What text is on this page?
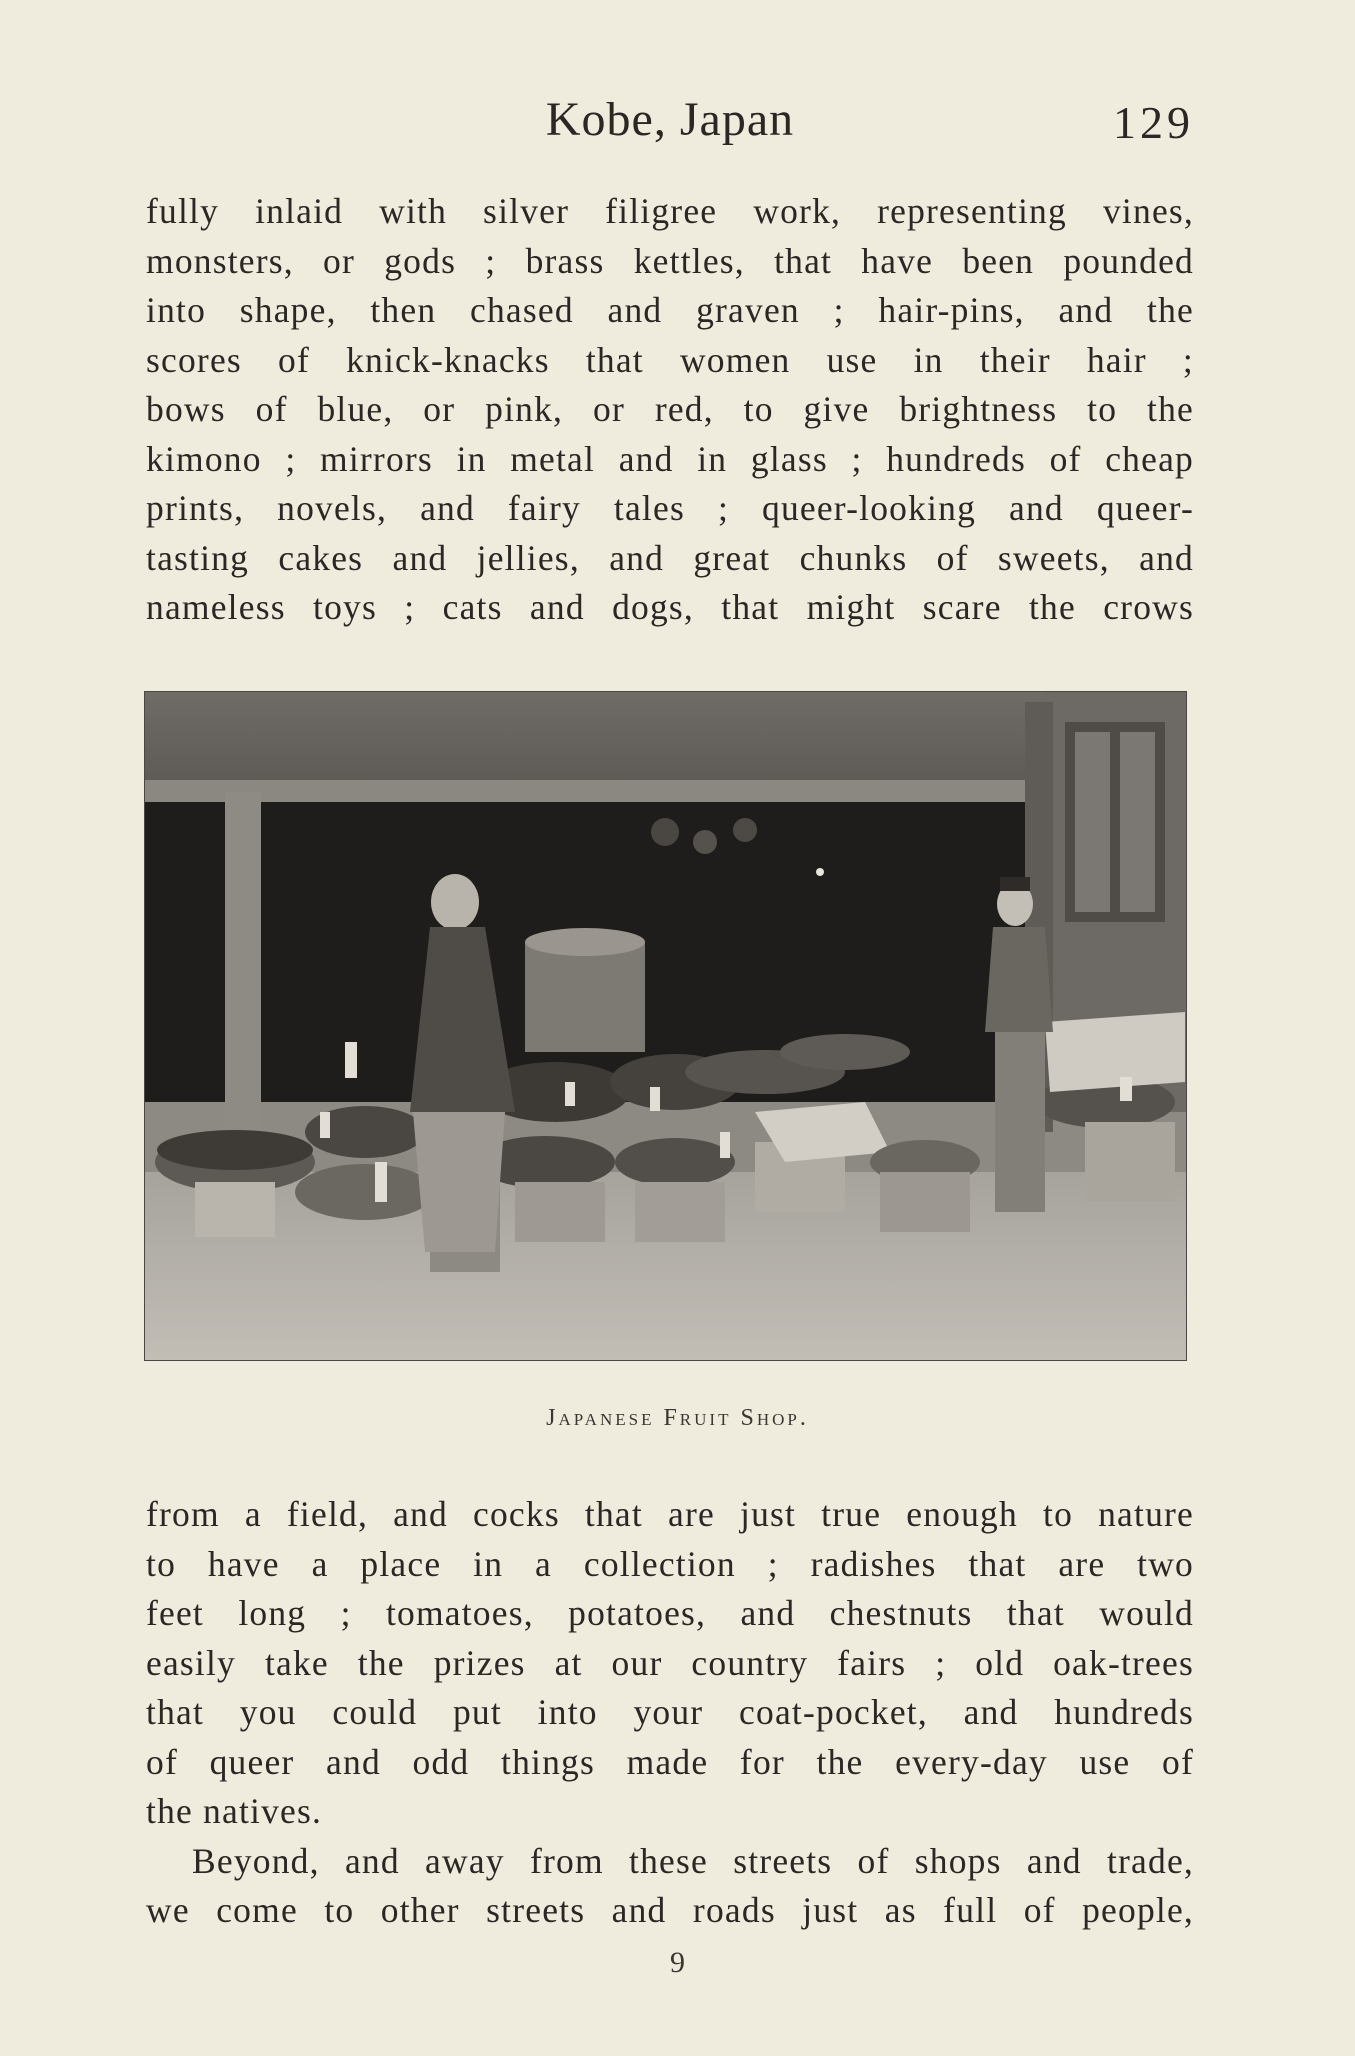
Kobe, Japan	129
fully inlaid with silver filigree work, representing vines,
monsters, or gods ; brass kettles, that have been pounded
into shape, then chased and graven ; hair-pins, and the
scores of knick-knacks that women use in their hair ;
bows of blue, or pink, or red, to give brightness to the
kimono ; mirrors in metal and in glass ; hundreds of cheap
prints, novels, and fairy tales ; queer-looking and queer-
tasting cakes and jellies, and great chunks of sweets, and
nameless toys ; cats and dogs, that might scare the crows
Japanese Fruit Shop.
from a field, and cocks that are just true enough to nature
to have a place in a collection ; radishes that are two
feet long ; tomatoes, potatoes, and chestnuts that would
easily take the prizes at our country fairs ; old oak-trees
that you could put into your coat-pocket, and hundreds
of queer and odd things made for the every-day use of
the natives.
Beyond, and away from these streets of shops and trade,
we come to other streets and roads just as full of people,
9
